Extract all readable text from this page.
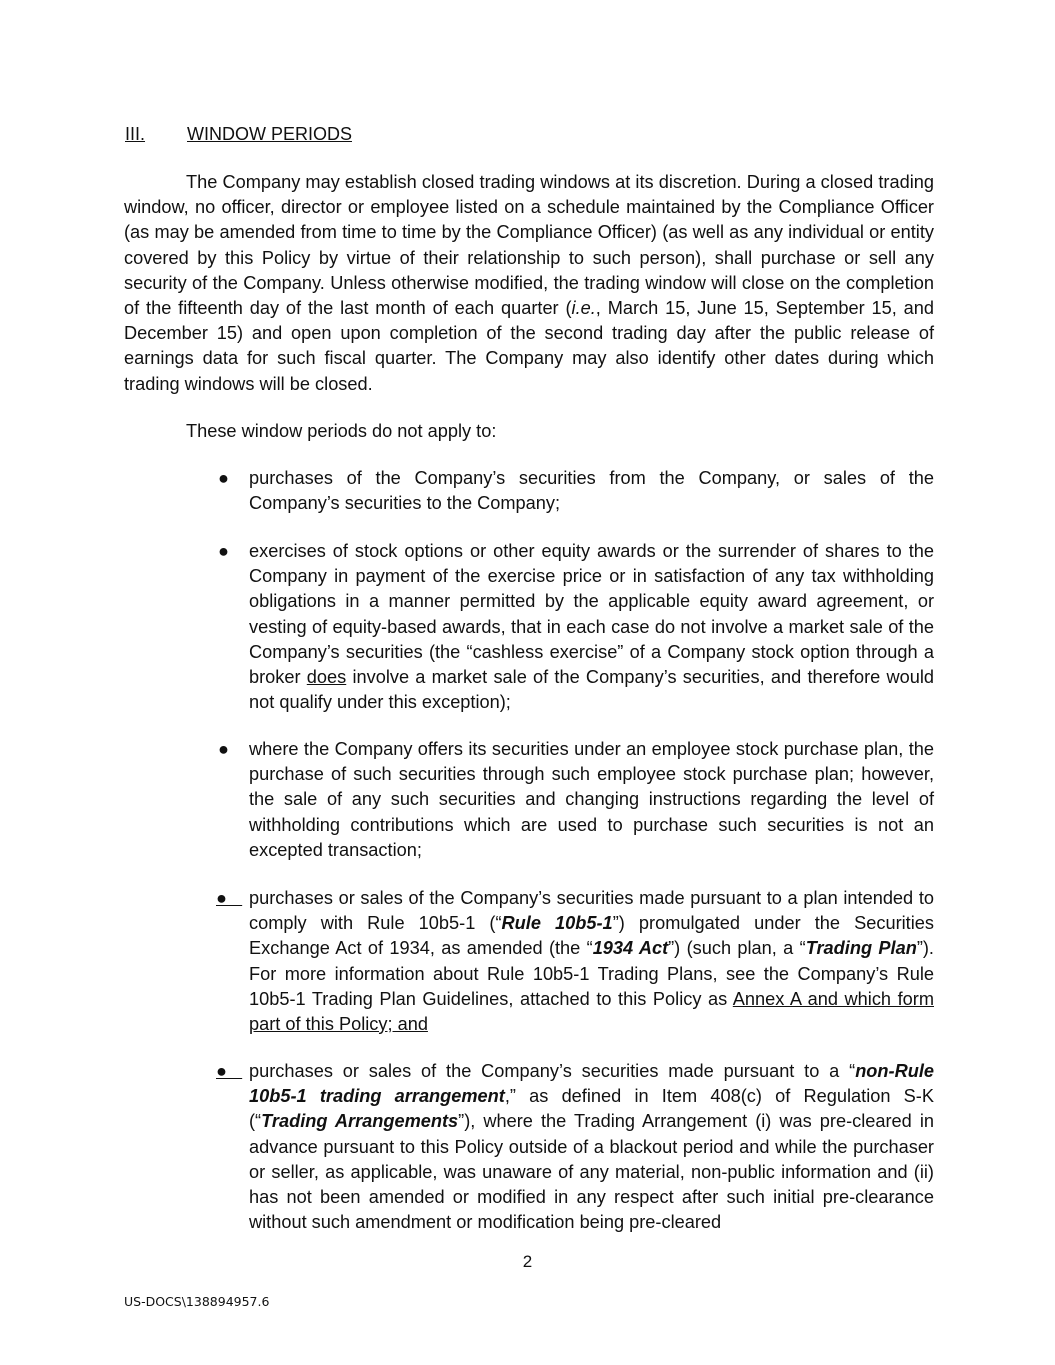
III. WINDOW PERIODS

The Company may establish closed trading windows at its discretion. During a closed trading window, no officer, director or employee listed on a schedule maintained by the Compliance Officer (as may be amended from time to time by the Compliance Officer) (as well as any individual or entity covered by this Policy by virtue of their relationship to such person), shall purchase or sell any security of the Company. Unless otherwise modified, the trading window will close on the completion of the fifteenth day of the last month of each quarter (i.e., March 15, June 15, September 15, and December 15) and open upon completion of the second trading day after the public release of earnings data for such fiscal quarter. The Company may also identify other dates during which trading windows will be closed.

These window periods do not apply to:

● purchases of the Company’s securities from the Company, or sales of the Company’s securities to the Company;

● exercises of stock options or other equity awards or the surrender of shares to the Company in payment of the exercise price or in satisfaction of any tax withholding obligations in a manner permitted by the applicable equity award agreement, or vesting of equity-based awards, that in each case do not involve a market sale of the Company’s securities (the “cashless exercise” of a Company stock option through a broker does involve a market sale of the Company’s securities, and therefore would not qualify under this exception);

● where the Company offers its securities under an employee stock purchase plan, the purchase of such securities through such employee stock purchase plan; however, the sale of any such securities and changing instructions regarding the level of withholding contributions which are used to purchase such securities is not an excepted transaction;

●	purchases or sales of the Company’s securities made pursuant to a plan intended to comply with Rule 10b5-1 (“Rule 10b5-1”) promulgated under the Securities Exchange Act of 1934, as amended (the “1934 Act”) (such plan, a “Trading Plan”). For more information about Rule 10b5-1 Trading Plans, see the Company’s Rule 10b5-1 Trading Plan Guidelines, attached to this Policy as Annex A and which form part of this Policy; and

●	purchases or sales of the Company’s securities made pursuant to a “non-Rule 10b5-1 trading arrangement,” as defined in Item 408(c) of Regulation S-K (“Trading Arrangements”), where the Trading Arrangement (i) was pre-cleared in advance pursuant to this Policy outside of a blackout period and while the purchaser or seller, as applicable, was unaware of any material, non-public information and (ii) has not been amended or modified in any respect after such initial pre-clearance without such amendment or modification being pre-cleared

2
US-DOCS\138894957.6
